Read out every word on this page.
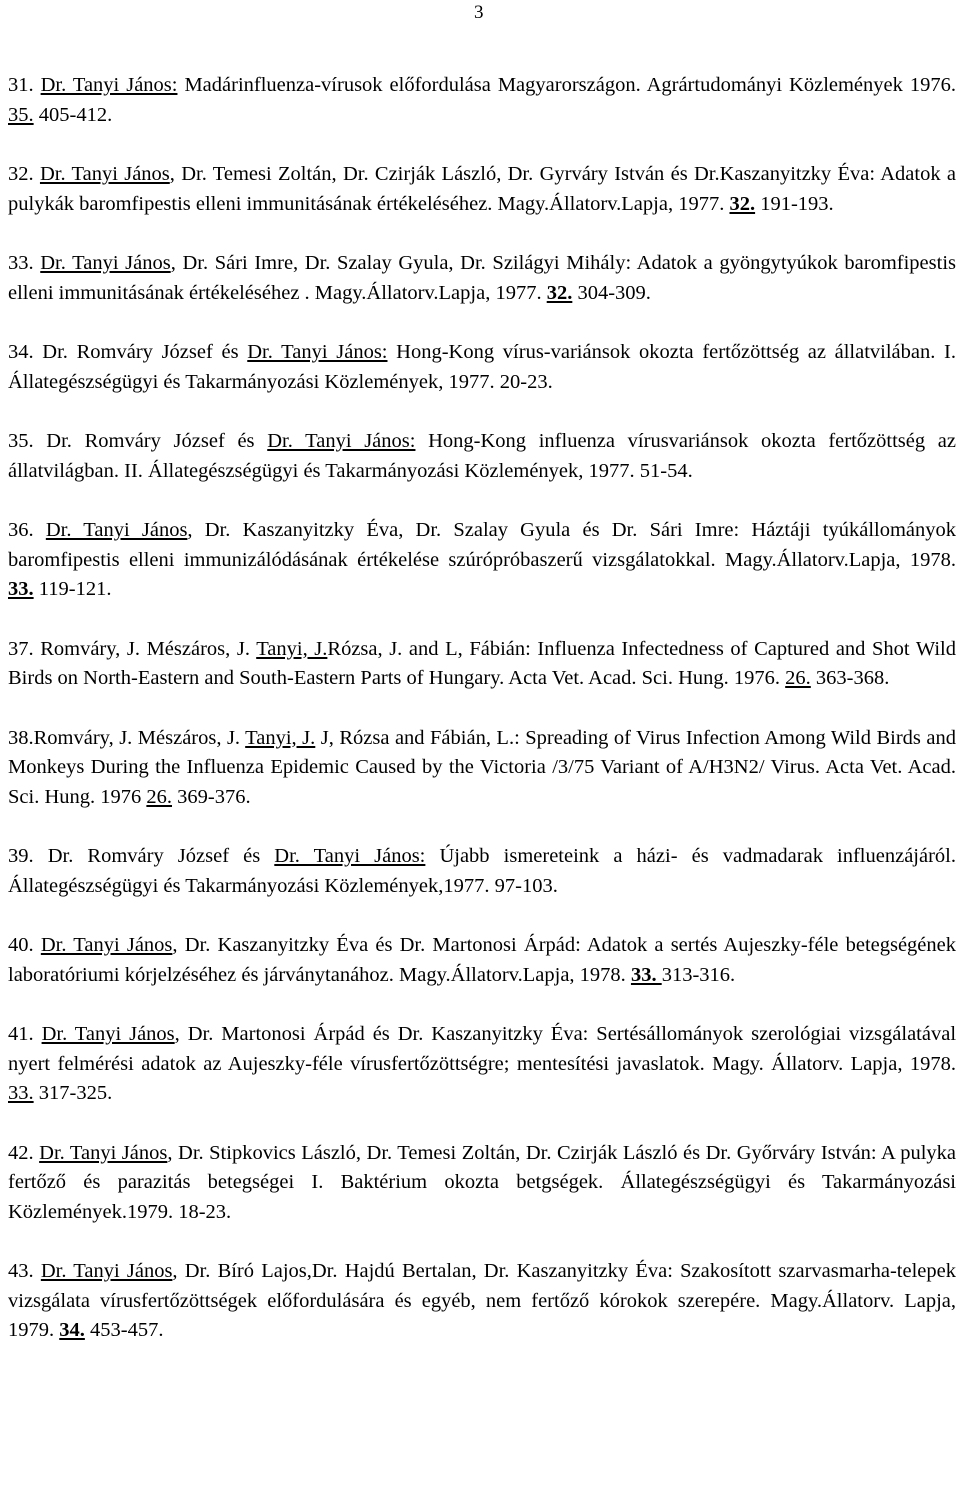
3

31. Dr. Tanyi János: Madárinfluenza-vírusok előfordulása Magyarországon. Agrártudományi Közlemények 1976. 35. 405-412.

32. Dr. Tanyi János, Dr. Temesi Zoltán, Dr. Czirják László, Dr. Gyrváry István és Dr.Kaszanyitzky Éva: Adatok a pulykák baromfipestis elleni immunitásának értékeléséhez. Magy.Állatorv.Lapja, 1977. 32. 191-193.

33. Dr. Tanyi János, Dr. Sári Imre, Dr. Szalay Gyula, Dr. Szilágyi Mihály: Adatok a gyöngytyúkok baromfipestis elleni immunitásának értékeléséhez . Magy.Állatorv.Lapja, 1977. 32. 304-309.

34. Dr. Romváry József és Dr. Tanyi János: Hong-Kong vírus-variánsok okozta fertőzöttség az állatvilában. I. Állategészségügyi és Takarmányozási Közlemények, 1977. 20-23.

35. Dr. Romváry József és Dr. Tanyi János: Hong-Kong influenza vírusvariánsok okozta fertőzöttség az állatvilágban. II. Állategészségügyi és Takarmányozási Közlemények, 1977. 51-54.

36. Dr. Tanyi János, Dr. Kaszanyitzky Éva, Dr. Szalay Gyula és Dr. Sári Imre: Háztáji tyúkállományok baromfipestis elleni immunizálódásának értékelése szúrópróbaszerű vizsgálatokkal. Magy.Állatorv.Lapja, 1978. 33. 119-121.

37. Romváry, J. Mészáros, J. Tanyi, J.Rózsa, J. and L, Fábián: Influenza Infectedness of Captured and Shot Wild Birds on North-Eastern and South-Eastern Parts of Hungary. Acta Vet. Acad. Sci. Hung. 1976. 26. 363-368.

38.Romváry, J. Mészáros, J. Tanyi, J. J, Rózsa and Fábián, L.: Spreading of Virus Infection Among Wild Birds and Monkeys During the Influenza Epidemic Caused by the Victoria /3/75 Variant of A/H3N2/ Virus. Acta Vet. Acad. Sci. Hung. 1976 26. 369-376.

39. Dr. Romváry József és Dr. Tanyi János: Újabb ismereteink a házi- és vadmadarak influenzájáról. Állategészségügyi és Takarmányozási Közlemények,1977. 97-103.

40. Dr. Tanyi János, Dr. Kaszanyitzky Éva és Dr. Martonosi Árpád: Adatok a sertés Aujeszky-féle betegségének laboratóriumi kórjelzéséhez és járványtanához. Magy.Állatorv.Lapja, 1978. 33. 313-316.

41. Dr. Tanyi János, Dr. Martonosi Árpád és Dr. Kaszanyitzky Éva: Sertésállományok szerológiai vizsgálatával nyert felmérési adatok az Aujeszky-féle vírusfertőzöttségre; mentesítési javaslatok. Magy. Állatorv. Lapja, 1978. 33. 317-325.

42. Dr. Tanyi János, Dr. Stipkovics László, Dr. Temesi Zoltán, Dr. Czirják László és Dr. Győrváry István: A pulyka fertőző és parazitás betegségei I. Baktérium okozta betgségek. Állategészségügyi és Takarmányozási Közlemények.1979. 18-23.

43. Dr. Tanyi János, Dr. Bíró Lajos,Dr. Hajdú Bertalan, Dr. Kaszanyitzky Éva: Szakosított szarvasmarha-telepek vizsgálata vírusfertőzöttségek előfordulására és egyéb, nem fertőző kórokok szerepére. Magy.Állatorv. Lapja, 1979. 34. 453-457.
